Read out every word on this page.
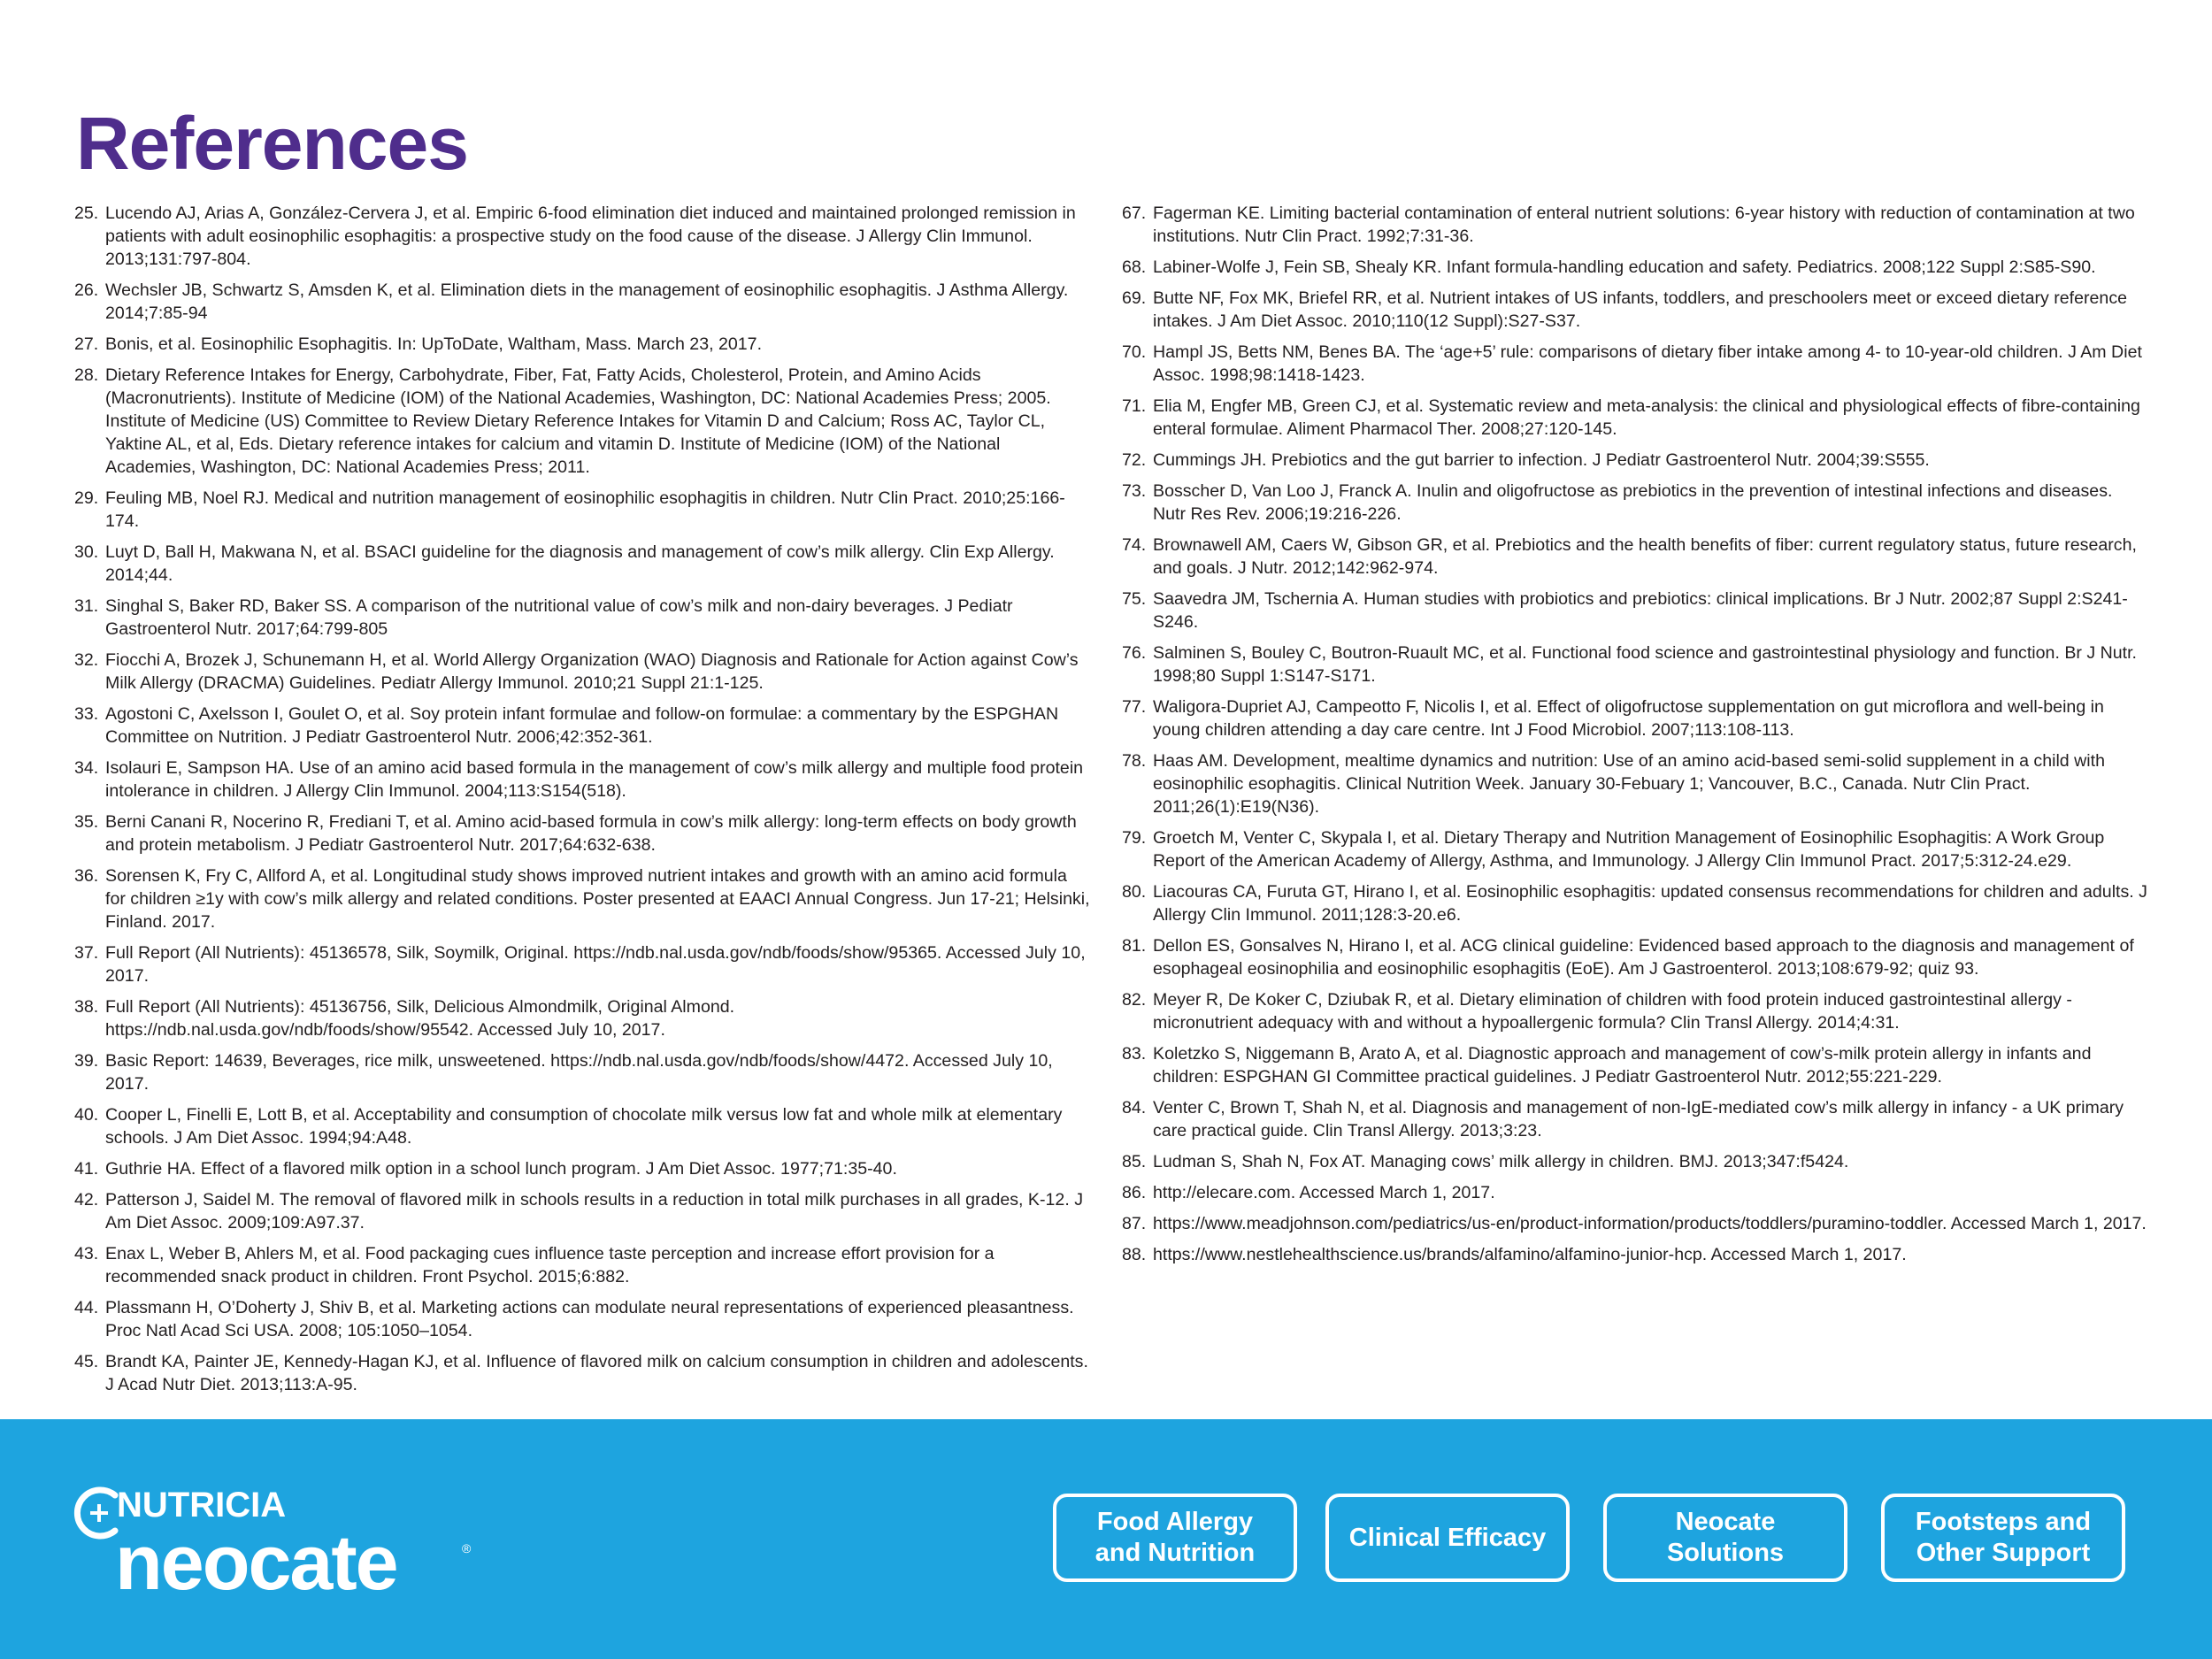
References
25. Lucendo AJ, Arias A, González-Cervera J, et al. Empiric 6-food elimination diet induced and maintained prolonged remission in patients with adult eosinophilic esophagitis: a prospective study on the food cause of the disease. J Allergy Clin Immunol. 2013;131:797-804.
26. Wechsler JB, Schwartz S, Amsden K, et al. Elimination diets in the management of eosinophilic esophagitis. J Asthma Allergy. 2014;7:85-94
27. Bonis, et al. Eosinophilic Esophagitis. In: UpToDate, Waltham, Mass. March 23, 2017.
28. Dietary Reference Intakes for Energy, Carbohydrate, Fiber, Fat, Fatty Acids, Cholesterol, Protein, and Amino Acids (Macronutrients). Institute of Medicine (IOM) of the National Academies, Washington, DC: National Academies Press; 2005. Institute of Medicine (US) Committee to Review Dietary Reference Intakes for Vitamin D and Calcium; Ross AC, Taylor CL, Yaktine AL, et al, Eds. Dietary reference intakes for calcium and vitamin D. Institute of Medicine (IOM) of the National Academies, Washington, DC: National Academies Press; 2011.
29. Feuling MB, Noel RJ. Medical and nutrition management of eosinophilic esophagitis in children. Nutr Clin Pract. 2010;25:166-174.
30. Luyt D, Ball H, Makwana N, et al. BSACI guideline for the diagnosis and management of cow’s milk allergy. Clin Exp Allergy. 2014;44.
31. Singhal S, Baker RD, Baker SS. A comparison of the nutritional value of cow’s milk and non-dairy beverages. J Pediatr Gastroenterol Nutr. 2017;64:799-805
32. Fiocchi A, Brozek J, Schunemann H, et al. World Allergy Organization (WAO) Diagnosis and Rationale for Action against Cow’s Milk Allergy (DRACMA) Guidelines. Pediatr Allergy Immunol. 2010;21 Suppl 21:1-125.
33. Agostoni C, Axelsson I, Goulet O, et al. Soy protein infant formulae and follow-on formulae: a commentary by the ESPGHAN Committee on Nutrition. J Pediatr Gastroenterol Nutr. 2006;42:352-361.
34. Isolauri E, Sampson HA. Use of an amino acid based formula in the management of cow’s milk allergy and multiple food protein intolerance in children. J Allergy Clin Immunol. 2004;113:S154(518).
35. Berni Canani R, Nocerino R, Frediani T, et al. Amino acid-based formula in cow’s milk allergy: long-term effects on body growth and protein metabolism. J Pediatr Gastroenterol Nutr. 2017;64:632-638.
36. Sorensen K, Fry C, Allford A, et al. Longitudinal study shows improved nutrient intakes and growth with an amino acid formula for children ≥1y with cow’s milk allergy and related conditions. Poster presented at EAACI Annual Congress. Jun 17-21; Helsinki, Finland. 2017.
37. Full Report (All Nutrients): 45136578, Silk, Soymilk, Original. https://ndb.nal.usda.gov/ndb/foods/show/95365. Accessed July 10, 2017.
38. Full Report (All Nutrients): 45136756, Silk, Delicious Almondmilk, Original Almond. https://ndb.nal.usda.gov/ndb/foods/show/95542. Accessed July 10, 2017.
39. Basic Report: 14639, Beverages, rice milk, unsweetened. https://ndb.nal.usda.gov/ndb/foods/show/4472. Accessed July 10, 2017.
40. Cooper L, Finelli E, Lott B, et al. Acceptability and consumption of chocolate milk versus low fat and whole milk at elementary schools. J Am Diet Assoc. 1994;94:A48.
41. Guthrie HA. Effect of a flavored milk option in a school lunch program. J Am Diet Assoc. 1977;71:35-40.
42. Patterson J, Saidel M. The removal of flavored milk in schools results in a reduction in total milk purchases in all grades, K-12. J Am Diet Assoc. 2009;109:A97.37.
43. Enax L, Weber B, Ahlers M, et al. Food packaging cues influence taste perception and increase effort provision for a recommended snack product in children. Front Psychol. 2015;6:882.
44. Plassmann H, O’Doherty J, Shiv B, et al. Marketing actions can modulate neural representations of experienced pleasantness. Proc Natl Acad Sci USA. 2008; 105:1050–1054.
45. Brandt KA, Painter JE, Kennedy-Hagan KJ, et al. Influence of flavored milk on calcium consumption in children and adolescents. J Acad Nutr Diet. 2013;113:A-95.
67. Fagerman KE. Limiting bacterial contamination of enteral nutrient solutions: 6-year history with reduction of contamination at two institutions. Nutr Clin Pract. 1992;7:31-36.
68. Labiner-Wolfe J, Fein SB, Shealy KR. Infant formula-handling education and safety. Pediatrics. 2008;122 Suppl 2:S85-S90.
69. Butte NF, Fox MK, Briefel RR, et al. Nutrient intakes of US infants, toddlers, and preschoolers meet or exceed dietary reference intakes. J Am Diet Assoc. 2010;110(12 Suppl):S27-S37.
70. Hampl JS, Betts NM, Benes BA. The ‘age+5’ rule: comparisons of dietary fiber intake among 4- to 10-year-old children. J Am Diet Assoc. 1998;98:1418-1423.
71. Elia M, Engfer MB, Green CJ, et al. Systematic review and meta-analysis: the clinical and physiological effects of fibre-containing enteral formulae. Aliment Pharmacol Ther. 2008;27:120-145.
72. Cummings JH. Prebiotics and the gut barrier to infection. J Pediatr Gastroenterol Nutr. 2004;39:S555.
73. Bosscher D, Van Loo J, Franck A. Inulin and oligofructose as prebiotics in the prevention of intestinal infections and diseases. Nutr Res Rev. 2006;19:216-226.
74. Brownawell AM, Caers W, Gibson GR, et al. Prebiotics and the health benefits of fiber: current regulatory status, future research, and goals. J Nutr. 2012;142:962-974.
75. Saavedra JM, Tschernia A. Human studies with probiotics and prebiotics: clinical implications. Br J Nutr. 2002;87 Suppl 2:S241-S246.
76. Salminen S, Bouley C, Boutron-Ruault MC, et al. Functional food science and gastrointestinal physiology and function. Br J Nutr. 1998;80 Suppl 1:S147-S171.
77. Waligora-Dupriet AJ, Campeotto F, Nicolis I, et al. Effect of oligofructose supplementation on gut microflora and well-being in young children attending a day care centre. Int J Food Microbiol. 2007;113:108-113.
78. Haas AM. Development, mealtime dynamics and nutrition: Use of an amino acid-based semi-solid supplement in a child with eosinophilic esophagitis. Clinical Nutrition Week. January 30-Febuary 1; Vancouver, B.C., Canada. Nutr Clin Pract. 2011;26(1):E19(N36).
79. Groetch M, Venter C, Skypala I, et al. Dietary Therapy and Nutrition Management of Eosinophilic Esophagitis: A Work Group Report of the American Academy of Allergy, Asthma, and Immunology. J Allergy Clin Immunol Pract. 2017;5:312-24.e29.
80. Liacouras CA, Furuta GT, Hirano I, et al. Eosinophilic esophagitis: updated consensus recommendations for children and adults. J Allergy Clin Immunol. 2011;128:3-20.e6.
81. Dellon ES, Gonsalves N, Hirano I, et al. ACG clinical guideline: Evidenced based approach to the diagnosis and management of esophageal eosinophilia and eosinophilic esophagitis (EoE). Am J Gastroenterol. 2013;108:679-92; quiz 93.
82. Meyer R, De Koker C, Dziubak R, et al. Dietary elimination of children with food protein induced gastrointestinal allergy - micronutrient adequacy with and without a hypoallergenic formula? Clin Transl Allergy. 2014;4:31.
83. Koletzko S, Niggemann B, Arato A, et al. Diagnostic approach and management of cow’s-milk protein allergy in infants and children: ESPGHAN GI Committee practical guidelines. J Pediatr Gastroenterol Nutr. 2012;55:221-229.
84. Venter C, Brown T, Shah N, et al. Diagnosis and management of non-IgE-mediated cow’s milk allergy in infancy - a UK primary care practical guide. Clin Transl Allergy. 2013;3:23.
85. Ludman S, Shah N, Fox AT. Managing cows’ milk allergy in children. BMJ. 2013;347:f5424.
86. http://elecare.com. Accessed March 1, 2017.
87. https://www.meadjohnson.com/pediatrics/us-en/product-information/products/toddlers/puramino-toddler. Accessed March 1, 2017.
88. https://www.nestlehealthscience.us/brands/alfamino/alfamino-junior-hcp. Accessed March 1, 2017.
NUTRICIA
neocate	®
Food Allergy
and Nutrition
Clinical Efficacy
Neocate
Solutions
Footsteps and
Other Support
